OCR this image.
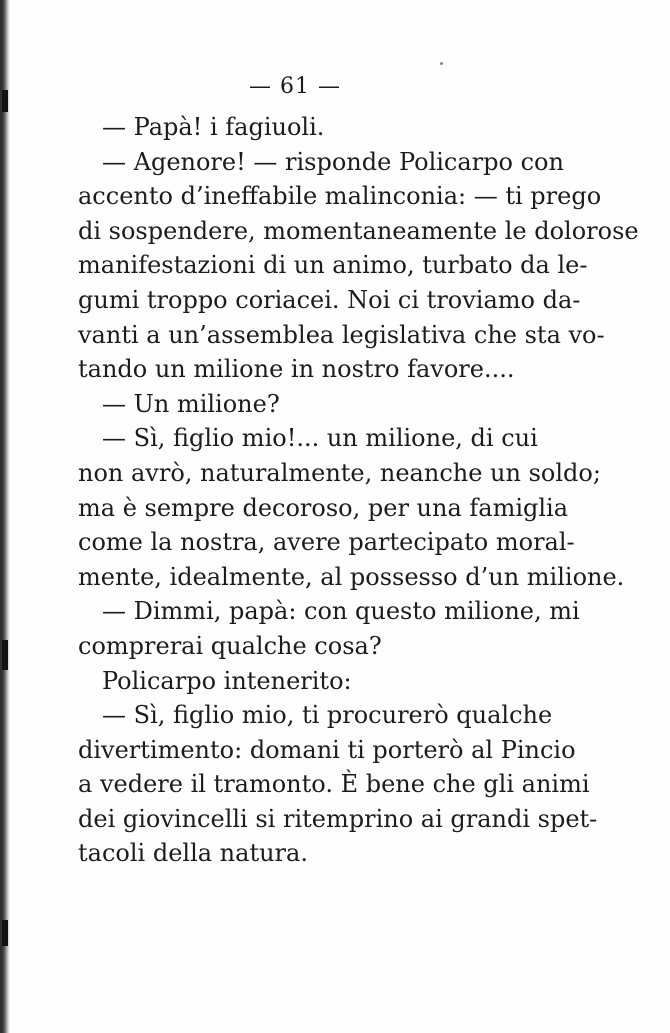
— 61 —
— Papà! i fagiuoli.
— Agenore! — risponde Policarpo con
accento d’ineffabile malinconia: — ti prego
di sospendere, momentaneamente le dolorose
manifestazioni di un animo, turbato da le-
gumi troppo coriacei. Noi ci troviamo da-
vanti a un’assemblea legislativa che sta vo-
tando un milione in nostro favore....
— Un milione?
— Sì, figlio mio!... un milione, di cui
non avrò, naturalmente, neanche un soldo;
ma è sempre decoroso, per una famiglia
come la nostra, avere partecipato moral-
mente, idealmente, al possesso d’un milione.
— Dimmi, papà: con questo milione, mi
comprerai qualche cosa?
Policarpo intenerito:
— Sì, figlio mio, ti procurerò qualche
divertimento: domani ti porterò al Pincio
a vedere il tramonto. È bene che gli animi
dei giovincelli si ritemprino ai grandi spet-
tacoli della natura.
